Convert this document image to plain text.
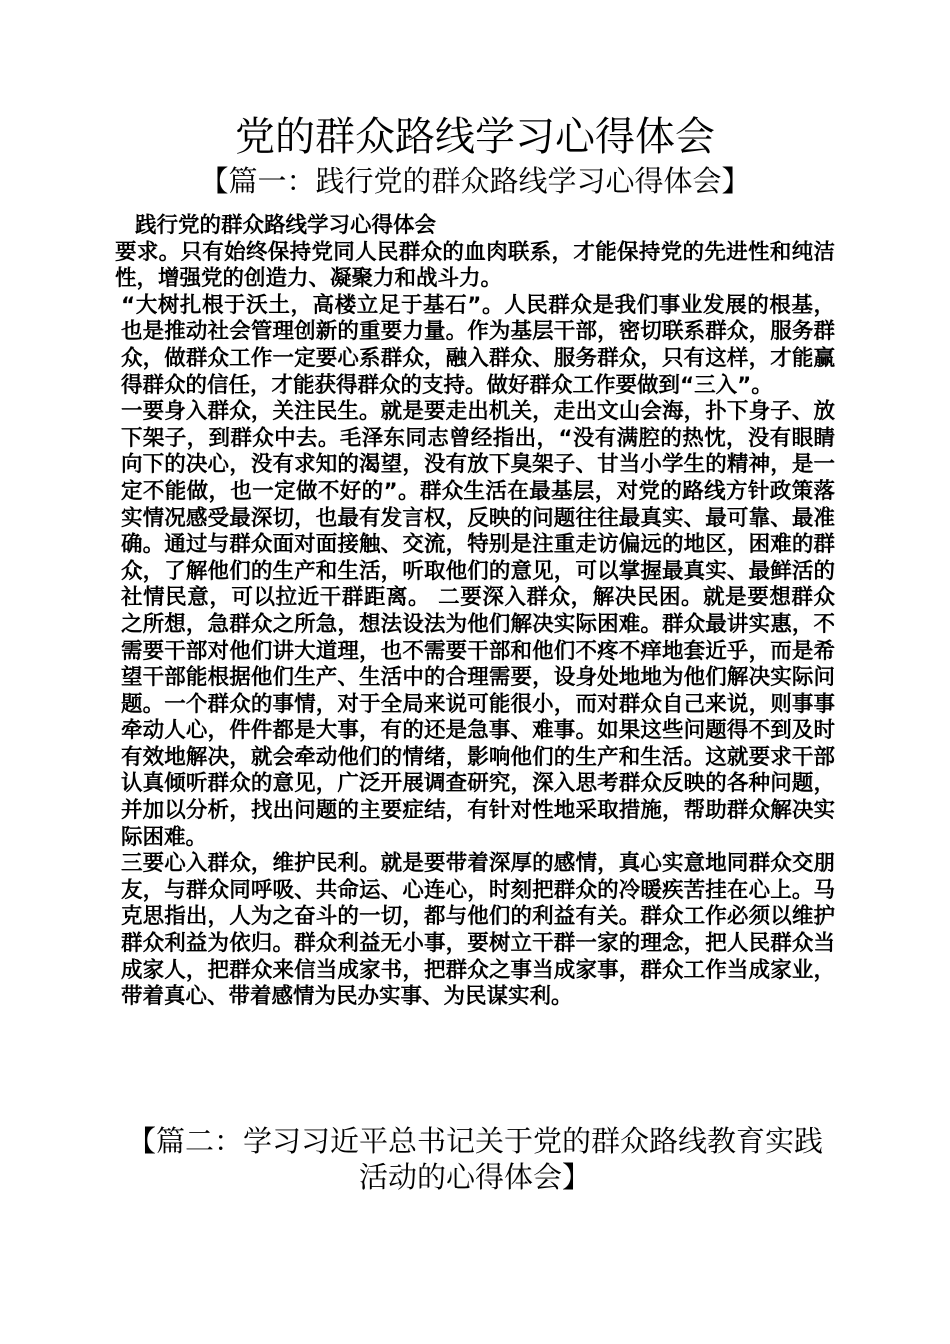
党的群众路线学习心得体会
【篇一：践行党的群众路线学习心得体会】

践行党的群众路线学习心得体会

要求。只有始终保持党同人民群众的血肉联系，才能保持党的先进性和纯洁性，增强党的创造力、凝聚力和战斗力。

“大树扎根于沃土，高楼立足于基石”。人民群众是我们事业发展的根基，也是推动社会管理创新的重要力量。作为基层干部，密切联系群众，服务群众，做群众工作一定要心系群众，融入群众、服务群众，只有这样，才能赢得群众的信任，才能获得群众的支持。做好群众工作要做到“三入”。

一要身入群众，关注民生。就是要走出机关，走出文山会海，扑下身子、放下架子，到群众中去。毛泽东同志曾经指出，“没有满腔的热忱，没有眼睛向下的决心，没有求知的渴望，没有放下臭架子、甘当小学生的精神，是一定不能做，也一定做不好的”。群众生活在最基层，对党的路线方针政策落实情况感受最深切，也最有发言权，反映的问题往往最真实、最可靠、最准确。通过与群众面对面接触、交流，特别是注重走访偏远的地区，困难的群众，了解他们的生产和生活，听取他们的意见，可以掌握最真实、最鲜活的社情民意，可以拉近干群距离。 二要深入群众，解决民困。就是要想群众之所想，急群众之所急，想法设法为他们解决实际困难。群众最讲实惠，不需要干部对他们讲大道理，也不需要干部和他们不疼不痒地套近乎，而是希望干部能根据他们生产、生活中的合理需要，设身处地地为他们解决实际问题。一个群众的事情，对于全局来说可能很小，而对群众自己来说，则事事牵动人心，件件都是大事，有的还是急事、难事。如果这些问题得不到及时有效地解决，就会牵动他们的情绪，影响他们的生产和生活。这就要求干部认真倾听群众的意见，广泛开展调查研究，深入思考群众反映的各种问题，并加以分析，找出问题的主要症结，有针对性地采取措施，帮助群众解决实际困难。

三要心入群众，维护民利。就是要带着深厚的感情，真心实意地同群众交朋友，与群众同呼吸、共命运、心连心，时刻把群众的冷暖疾苦挂在心上。马克思指出，人为之奋斗的一切，都与他们的利益有关。群众工作必须以维护群众利益为依归。群众利益无小事，要树立干群一家的理念，把人民群众当成家人，把群众来信当成家书，把群众之事当成家事，群众工作当成家业，带着真心、带着感情为民办实事、为民谋实利。

【篇二：学习习近平总书记关于党的群众路线教育实践活动的心得体会】
